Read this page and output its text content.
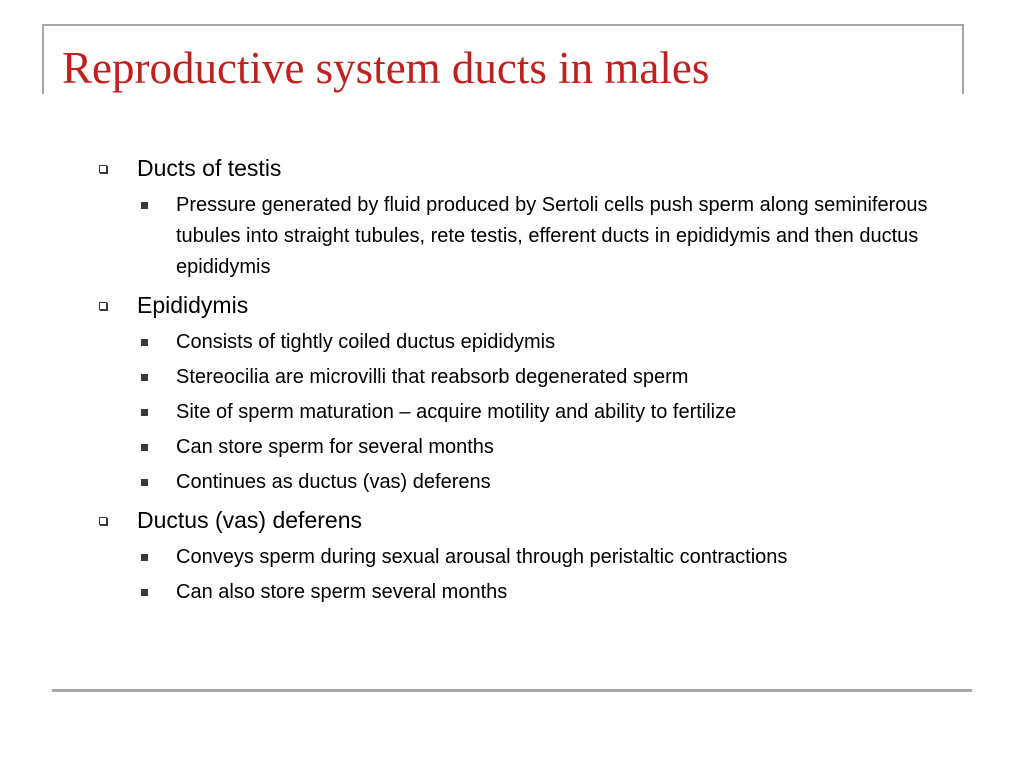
Reproductive system ducts in males
Ducts of testis
Pressure generated by fluid produced by Sertoli cells push sperm along seminiferous tubules into straight tubules, rete testis, efferent ducts in epididymis and then ductus epididymis
Epididymis
Consists of tightly coiled ductus epididymis
Stereocilia are microvilli that reabsorb degenerated sperm
Site of sperm maturation – acquire motility and ability to fertilize
Can store sperm for several months
Continues as ductus (vas) deferens
Ductus (vas) deferens
Conveys sperm during sexual arousal through peristaltic contractions
Can also store sperm several months
